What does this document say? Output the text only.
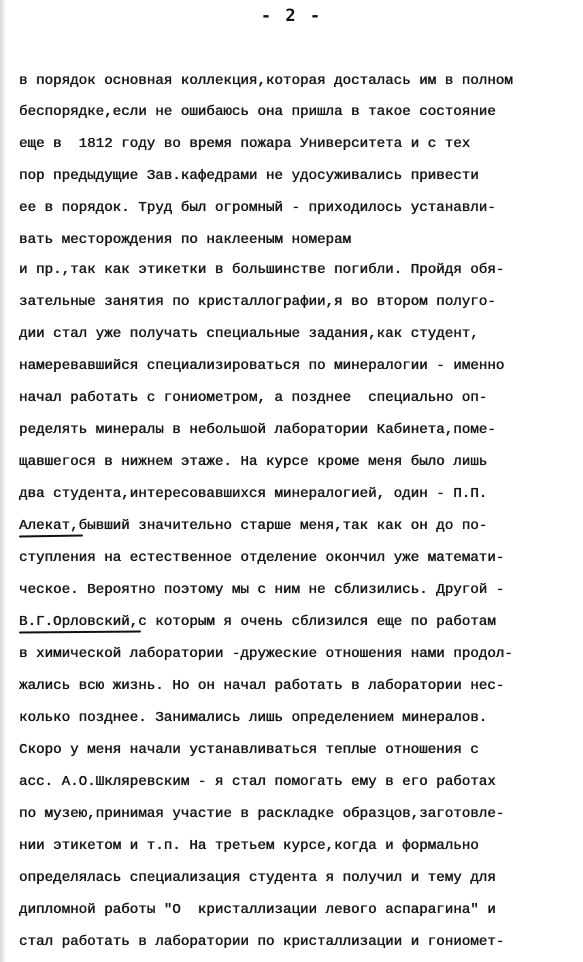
- 2 -
в порядок основная коллекция,которая досталась им в полном
беспорядке,если не ошибаюсь она пришла в такое состояние
еще в  1812 году во время пожара Университета и с тех
пор предыдущие Зав.кафедрами не удосуживались привести
ее в порядок. Труд был огромный - приходилось устанавли-
вать месторождения по наклееным номерам
и пр.,так как этикетки в большинстве погибли. Пройдя обя-
зательные занятия по кристаллографии,я во втором полуго-
дии стал уже получать специальные задания,как студент,
намеревавшийся специализироваться по минералогии - именно
начал работать с гониометром, а позднее  специально оп-
ределять минералы в небольшой лаборатории Кабинета,поме-
щавшегося в нижнем этаже. На курсе кроме меня было лишь
два студента,интересовавшихся минералогией, один - П.П.
Алекат,бывший значительно старше меня,так как он до по-
ступления на естественное отделение окончил уже математи-
ческое. Вероятно поэтому мы с ним не сблизились. Другой -
В.Г.Орловский,с которым я очень сблизился еще по работам
в химической лаборатории -дружеские отношения нами продол-
жались всю жизнь. Но он начал работать в лаборатории нес-
колько позднее. Занимались лишь определением минералов.
Скоро у меня начали устанавливаться теплые отношения с
асс. А.О.Шклярeвским - я стал помогать ему в его работах
по музею,принимая участие в раскладке образцов,заготовле-
нии этикетом и т.п. На третьем курсе,когда и формально
определялась специализация студента я получил и тему для
дипломной работы "О  кристаллизации левого аспарагина" и
стал работать в лаборатории по кристаллизации и гониомет-
